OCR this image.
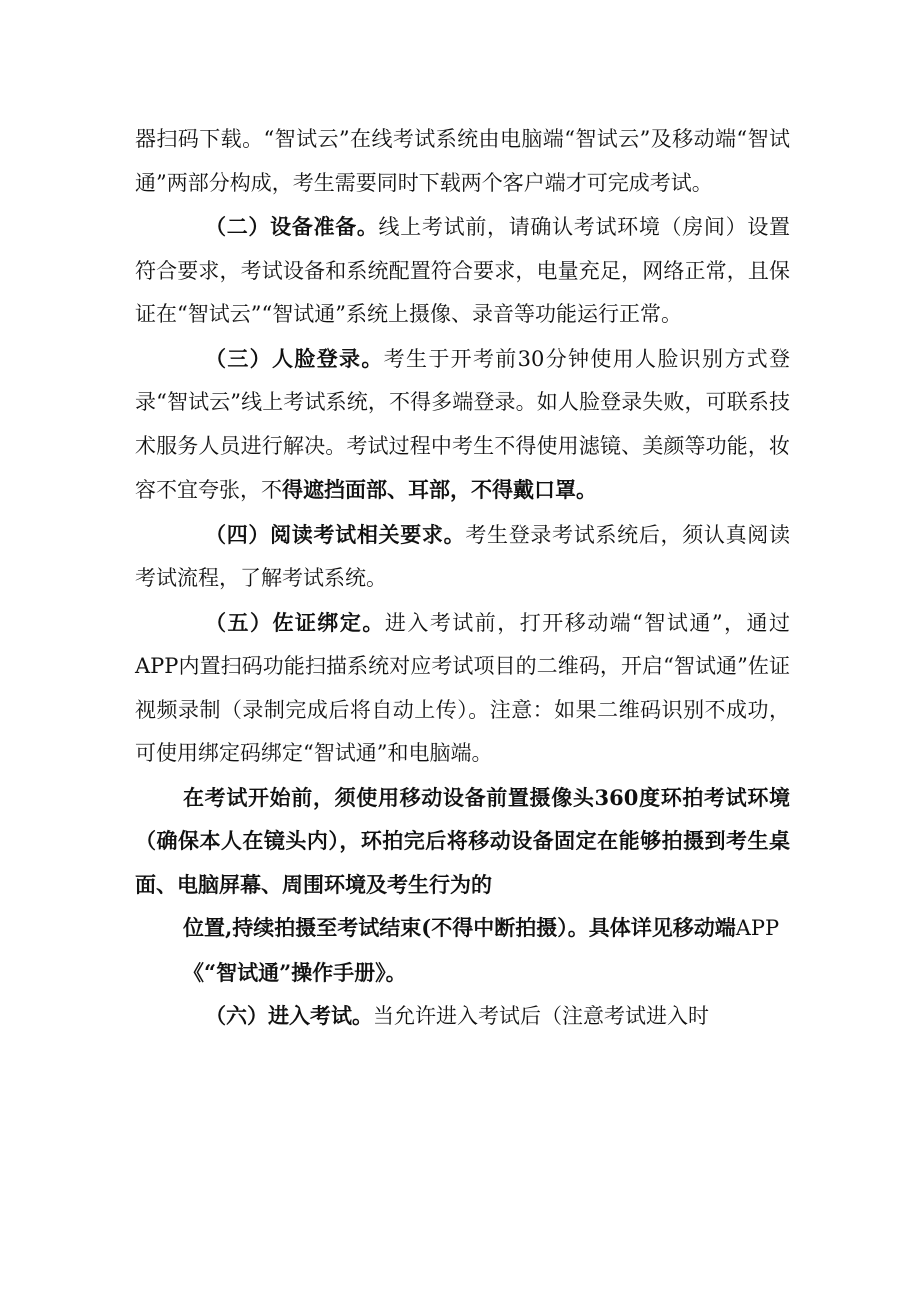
器扫码下载。“智试云”在线考试系统由电脑端“智试云”及移动端“智试通”两部分构成，考生需要同时下载两个客户端才可完成考试。

（二）设备准备。线上考试前，请确认考试环境（房间）设置符合要求，考试设备和系统配置符合要求，电量充足，网络正常，且保证在“智试云”“智试通”系统上摄像、录音等功能运行正常。

（三）人脸登录。考生于开考前30分钟使用人脸识别方式登录“智试云”线上考试系统，不得多端登录。如人脸登录失败，可联系技术服务人员进行解决。考试过程中考生不得使用滤镜、美颜等功能，妆容不宜夸张，不得遮挡面部、耳部，不得戴口罩。

（四）阅读考试相关要求。考生登录考试系统后，须认真阅读考试流程，了解考试系统。

（五）佐证绑定。进入考试前，打开移动端“智试通”，通过APP内置扫码功能扫描系统对应考试项目的二维码，开启“智试通”佐证视频录制（录制完成后将自动上传）。注意：如果二维码识别不成功，可使用绑定码绑定“智试通”和电脑端。

在考试开始前，须使用移动设备前置摄像头360度环拍考试环境（确保本人在镜头内），环拍完后将移动设备固定在能够拍摄到考生桌面、电脑屏幕、周围环境及考生行为的
位置,持续拍摄至考试结束(不得中断拍摄）。具体详见移动端APP
《“智试通”操作手册》。

（六）进入考试。当允许进入考试后（注意考试进入时
